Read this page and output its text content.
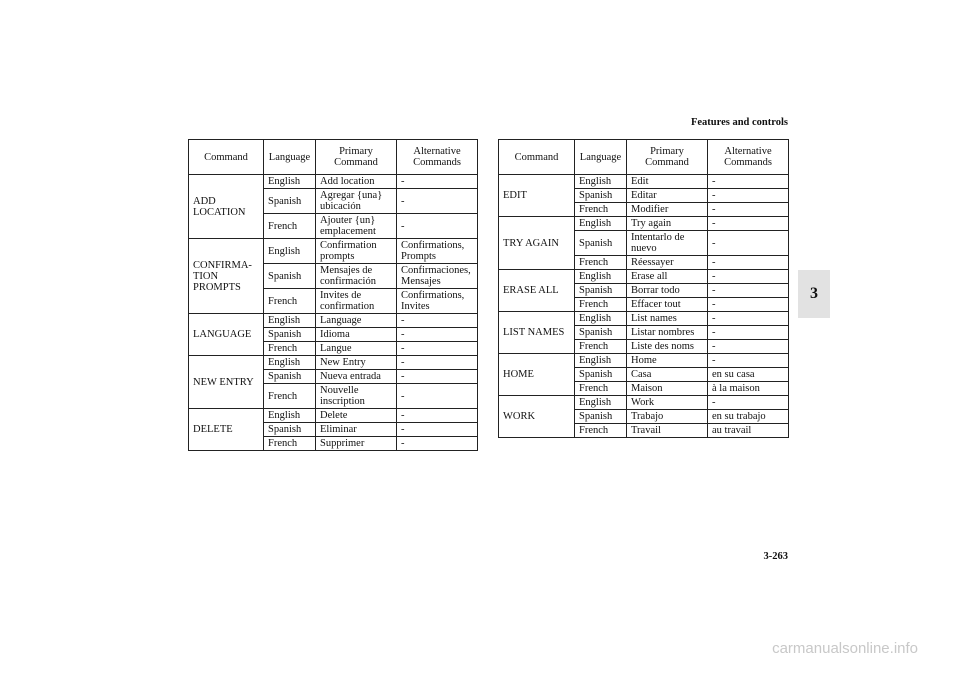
Features and controls
Command	Language	Primary Command	Alternative Commands
ADD LOCATION	English	Add location	-
	Spanish	Agregar {una} ubicación	-
	French	Ajouter {un} emplacement	-
CONFIRMA-TION PROMPTS	English	Confirmation prompts	Confirmations, Prompts
	Spanish	Mensajes de confirmación	Confirmaciones, Mensajes
	French	Invites de confirmation	Confirmations, Invites
LANGUAGE	English	Language	-
	Spanish	Idioma	-
	French	Langue	-
NEW ENTRY	English	New Entry	-
	Spanish	Nueva entrada	-
	French	Nouvelle inscription	-
DELETE	English	Delete	-
	Spanish	Eliminar	-
	French	Supprimer	-
Command	Language	Primary Command	Alternative Commands
EDIT	English	Edit	-
	Spanish	Editar	-
	French	Modifier	-
TRY AGAIN	English	Try again	-
	Spanish	Intentarlo de nuevo	-
	French	Réessayer	-
ERASE ALL	English	Erase all	-
	Spanish	Borrar todo	-
	French	Effacer tout	-
LIST NAMES	English	List names	-
	Spanish	Listar nombres	-
	French	Liste des noms	-
HOME	English	Home	-
	Spanish	Casa	en su casa
	French	Maison	à la maison
WORK	English	Work	-
	Spanish	Trabajo	en su trabajo
	French	Travail	au travail
3
3-263
carmanualsonline.info
